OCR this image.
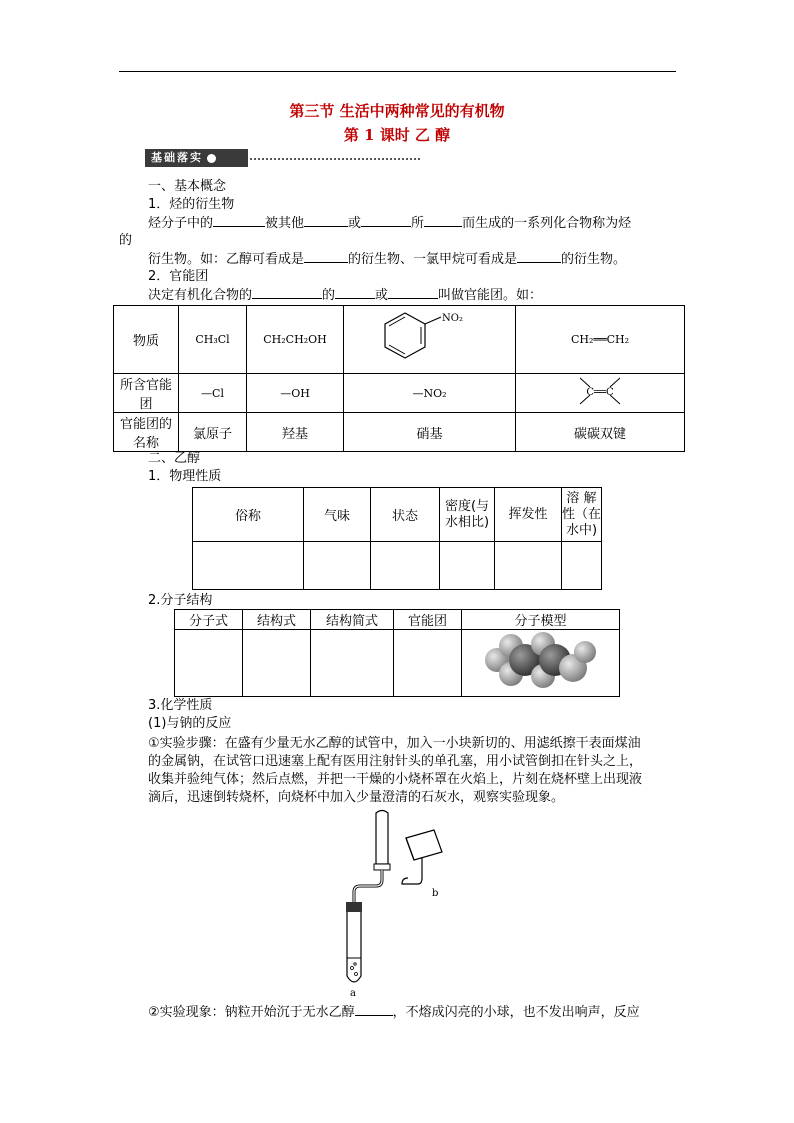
第三节 生活中两种常见的有机物
第 1 课时 乙 醇
基础落实
一、基本概念
1．烃的衍生物
烃分子中的	被其他	或	所	而生成的一系列化合物称为烃
的
衍生物。如：乙醇可看成是	的衍生物、一氯甲烷可看成是	的衍生物。
2．官能团
决定有机化合物的	的	或	叫做官能团。如：
物质	CH₃Cl	CH₂CH₂OH	NO₂	CH₂══CH₂
所含官能团	—Cl	—OH	—NO₂	C══C

官能团的名称	氯原子	羟基	硝基	碳碳双键
二、乙醇
1．物理性质
俗称	气味	状态	密度(与水相比)	挥发性	溶 解性（在水中)

2.分子结构
分子式	结构式	结构简式	官能团	分子模型

3.化学性质
(1)与钠的反应
①实验步骤：在盛有少量无水乙醇的试管中，加入一小块新切的、用滤纸擦干表面煤油
的金属钠，在试管口迅速塞上配有医用注射针头的单孔塞，用小试管倒扣在针头之上，
收集并验纯气体；然后点燃，并把一干燥的小烧杯罩在火焰上，片刻在烧杯壁上出现液
滴后，迅速倒转烧杯，向烧杯中加入少量澄清的石灰水，观察实验现象。
a
b
②实验现象：钠粒开始沉于无水乙醇	，不熔成闪亮的小球，也不发出响声，反应
